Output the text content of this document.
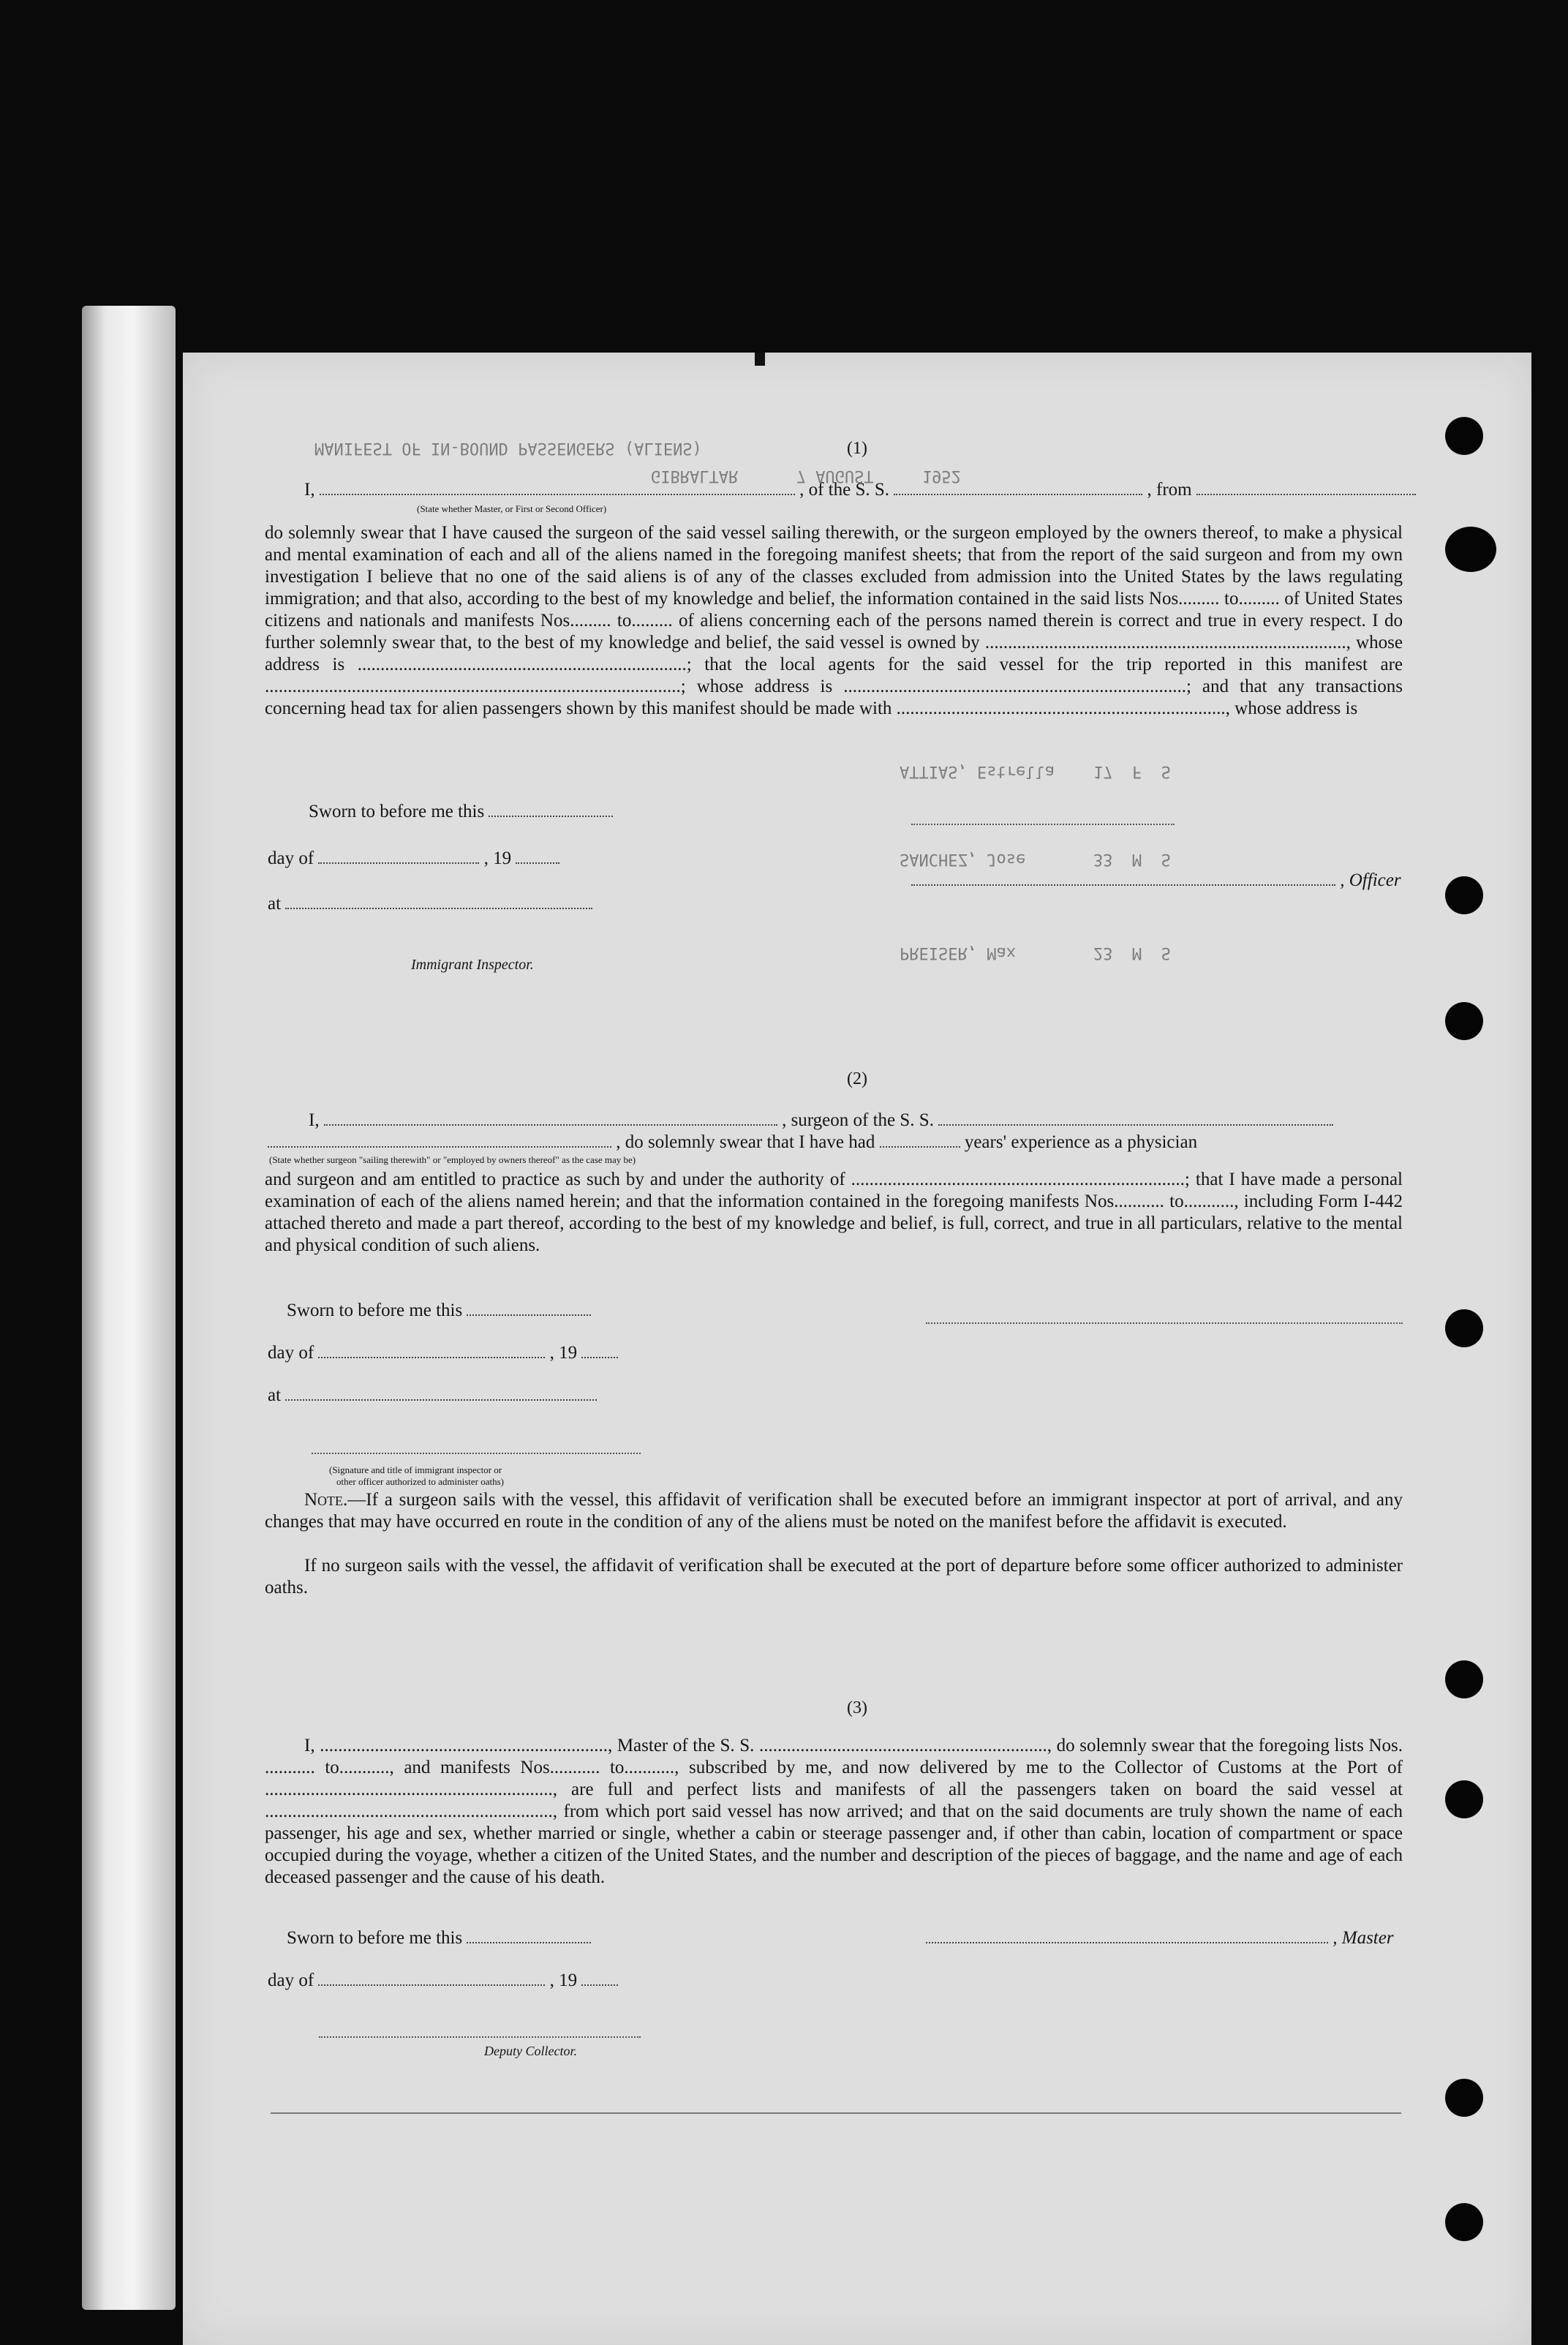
MANIFEST OF IN-BOUND PASSENGERS (ALIENS)
GIBRALTAR      7 AUGUST     1952
ATTIAS, Estrella    17  F  S
SANCHEZ, Jose       33  M  S
PREISER, Max        23  M  S
(1)
I,	, of the S. S.	, from
(State whether Master, or First or Second Officer)
do solemnly swear that I have caused the surgeon of the said vessel sailing therewith, or the surgeon employed by the owners thereof, to make a physical and mental examination of each and all of the aliens named in the foregoing manifest sheets; that from the report of the said surgeon and from my own investigation I believe that no one of the said aliens is of any of the classes excluded from admission into the United States by the laws regulating immigration; and that also, according to the best of my knowledge and belief, the information contained in the said lists Nos......... to......... of United States citizens and nationals and manifests Nos......... to......... of aliens concerning each of the persons named therein is correct and true in every respect. I do further solemnly swear that, to the best of my knowledge and belief, the said vessel is owned by ..............................................................................., whose address is ........................................................................; that the local agents for the said vessel for the trip reported in this manifest are ...........................................................................................; whose address is ...........................................................................; and that any transactions concerning head tax for alien passengers shown by this manifest should be made with ........................................................................, whose address is
Sworn to before me this
day of	, 19
, Officer
at
Immigrant Inspector.
(2)
I,	, surgeon of the S. S.
, do solemnly swear that I have had	years' experience as a physician
(State whether surgeon "sailing therewith" or "employed by owners thereof" as the case may be)
and surgeon and am entitled to practice as such by and under the authority of .........................................................................; that I have made a personal examination of each of the aliens named herein; and that the information contained in the foregoing manifests Nos........... to..........., including Form I-442 attached thereto and made a part thereof, according to the best of my knowledge and belief, is full, correct, and true in all particulars, relative to the mental and physical condition of such aliens.
Sworn to before me this
day of	, 19
at
(Signature and title of immigrant inspector or
other officer authorized to administer oaths)
Note.—If a surgeon sails with the vessel, this affidavit of verification shall be executed before an immigrant inspector at port of arrival, and any changes that may have occurred en route in the condition of any of the aliens must be noted on the manifest before the affidavit is executed.
If no surgeon sails with the vessel, the affidavit of verification shall be executed at the port of departure before some officer authorized to administer oaths.
(3)
I, ..............................................................., Master of the S. S. ..............................................................., do solemnly swear that the foregoing lists Nos. ........... to..........., and manifests Nos........... to..........., subscribed by me, and now delivered by me to the Collector of Customs at the Port of ..............................................................., are full and perfect lists and manifests of all the passengers taken on board the said vessel at ..............................................................., from which port said vessel has now arrived; and that on the said documents are truly shown the name of each passenger, his age and sex, whether married or single, whether a cabin or steerage passenger and, if other than cabin, location of compartment or space occupied during the voyage, whether a citizen of the United States, and the number and description of the pieces of baggage, and the name and age of each deceased passenger and the cause of his death.
Sworn to before me this	, Master
day of	, 19
Deputy Collector.
